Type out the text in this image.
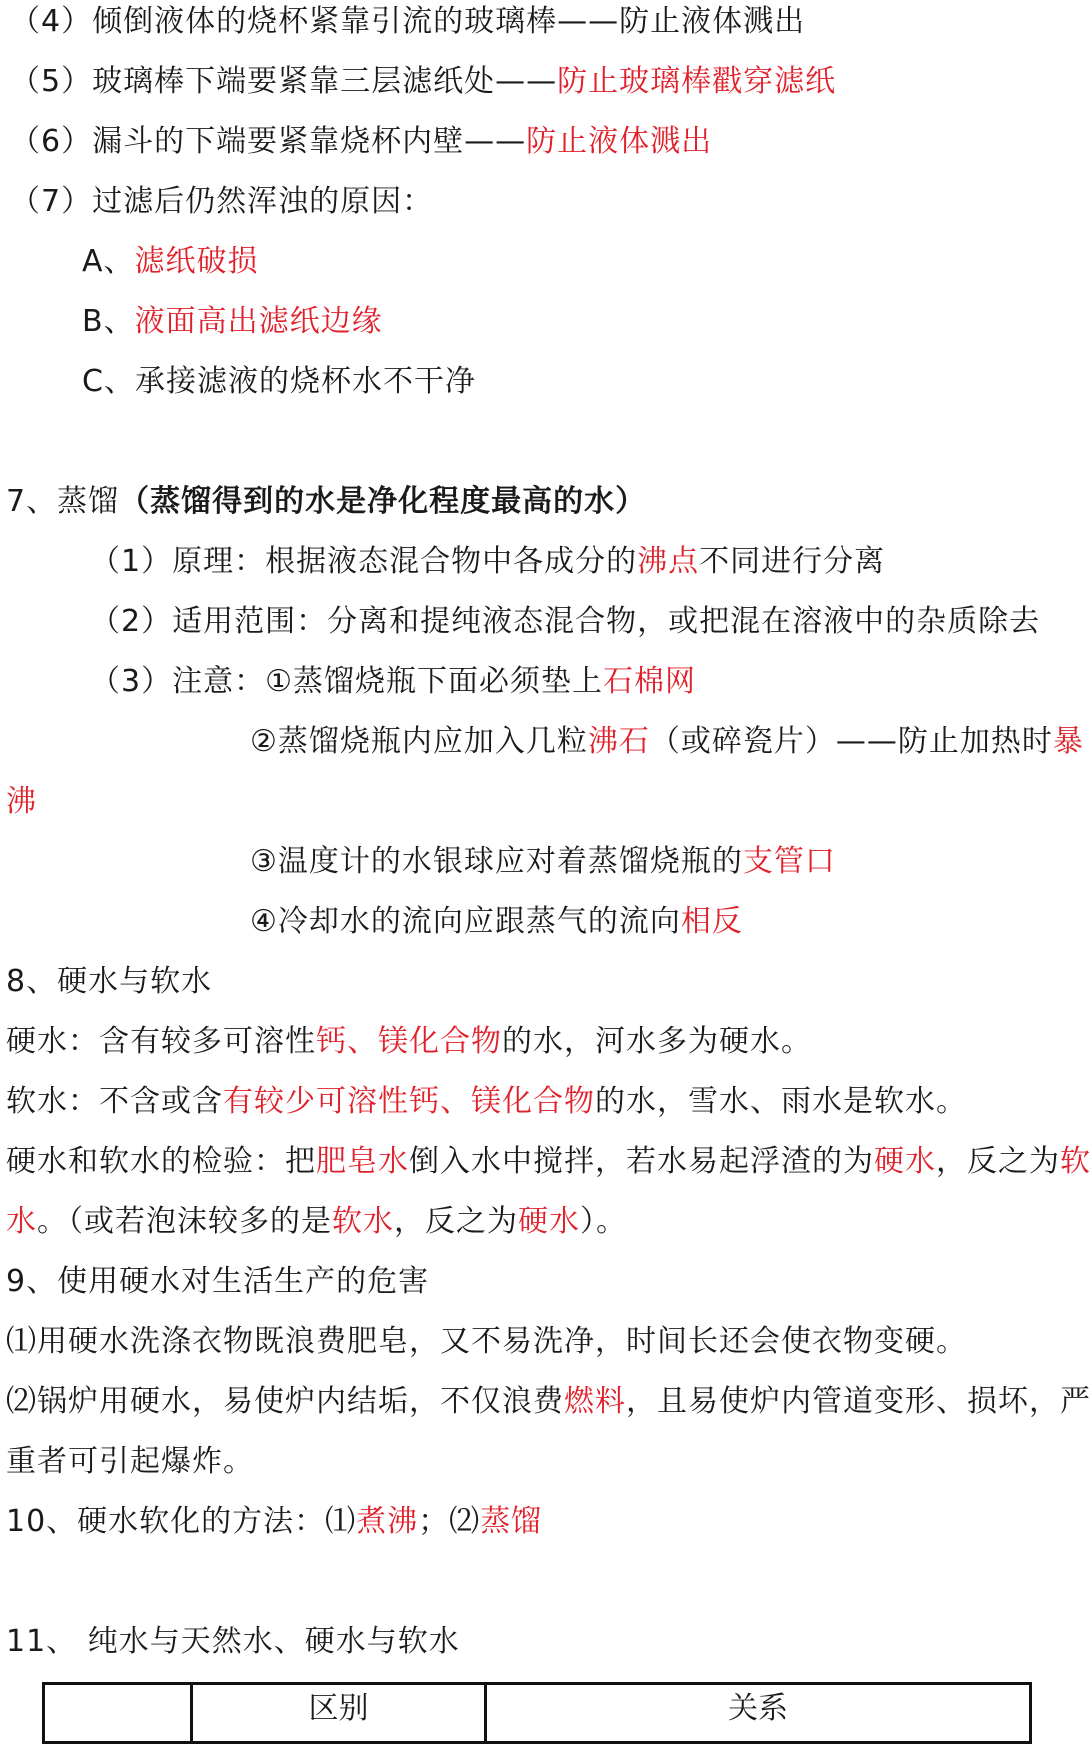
（4）倾倒液体的烧杯紧靠引流的玻璃棒——防止液体溅出
（5）玻璃棒下端要紧靠三层滤纸处——防止玻璃棒戳穿滤纸
（6）漏斗的下端要紧靠烧杯内壁——防止液体溅出
（7）过滤后仍然浑浊的原因：
A、滤纸破损
B、液面高出滤纸边缘
C、承接滤液的烧杯水不干净
7、蒸馏（蒸馏得到的水是净化程度最高的水）
（1）原理：根据液态混合物中各成分的沸点不同进行分离
（2）适用范围：分离和提纯液态混合物，或把混在溶液中的杂质除去
（3）注意：①蒸馏烧瓶下面必须垫上石棉网
②蒸馏烧瓶内应加入几粒沸石（或碎瓷片）——防止加热时暴
沸
③温度计的水银球应对着蒸馏烧瓶的支管口
④冷却水的流向应跟蒸气的流向相反
8、硬水与软水
硬水：含有较多可溶性钙、镁化合物的水，河水多为硬水。
软水：不含或含有较少可溶性钙、镁化合物的水，雪水、雨水是软水。
硬水和软水的检验：把肥皂水倒入水中搅拌，若水易起浮渣的为硬水，反之为软
水。（或若泡沫较多的是软水，反之为硬水）。
9、使用硬水对生活生产的危害
⑴用硬水洗涤衣物既浪费肥皂，又不易洗净，时间长还会使衣物变硬。
⑵锅炉用硬水，易使炉内结垢，不仅浪费燃料，且易使炉内管道变形、损坏，严
重者可引起爆炸。
10、硬水软化的方法：⑴煮沸；⑵蒸馏
11、 纯水与天然水、硬水与软水
区别	关系
